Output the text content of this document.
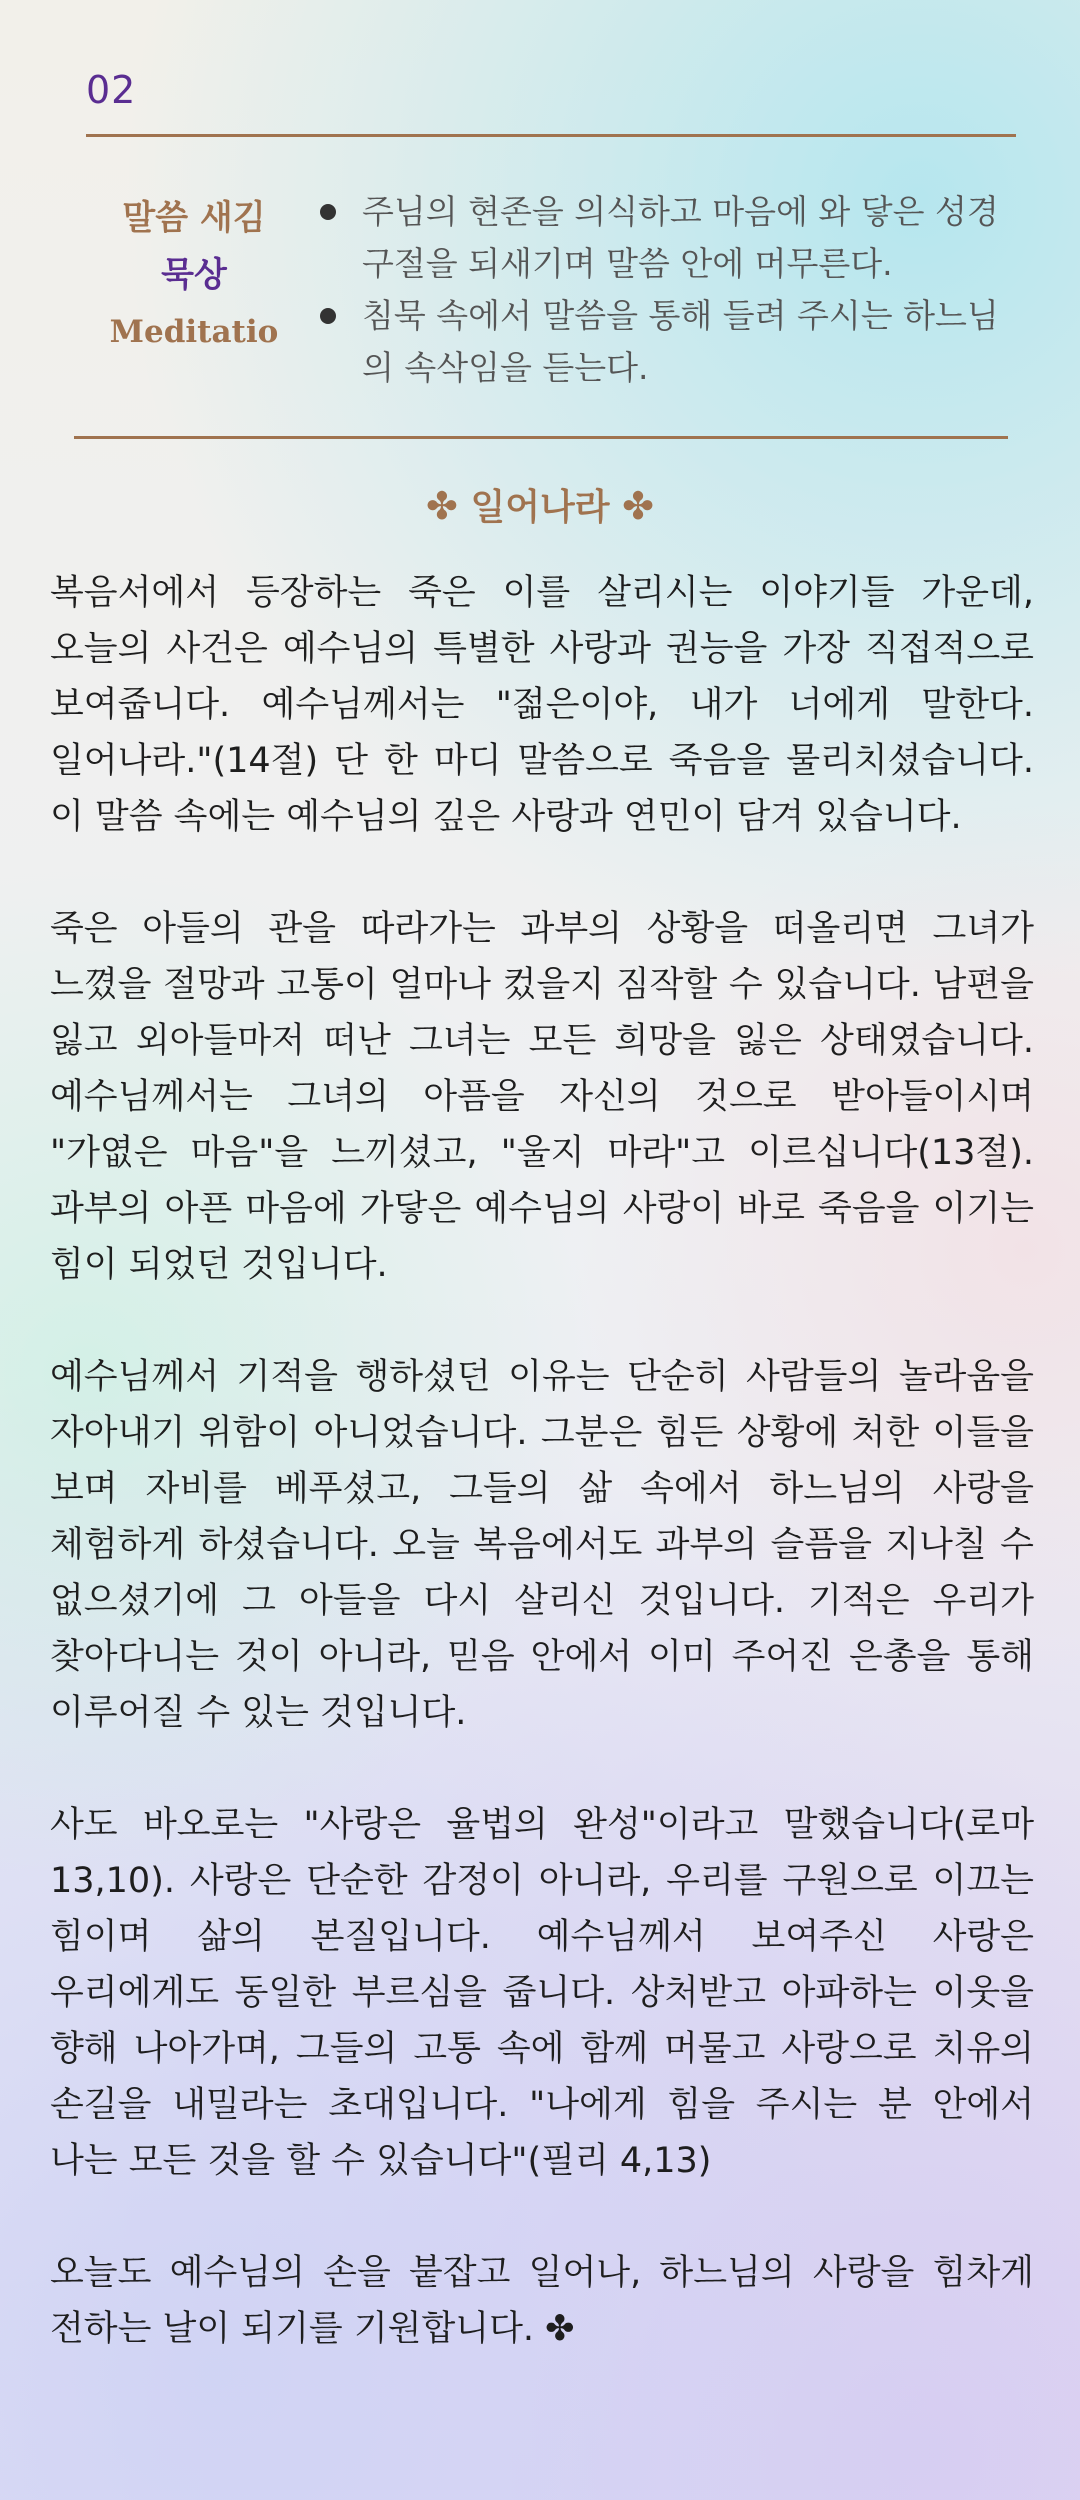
02
말씀 새김
묵상
Meditatio
주님의 현존을 의식하고 마음에 와 닿은 성경구절을 되새기며 말씀 안에 머무른다.
침묵 속에서 말씀을 통해 들려 주시는 하느님의 속삭임을 듣는다.
✤ 일어나라 ✤

복음서에서 등장하는 죽은 이를 살리시는 이야기들 가운데, 오늘의 사건은 예수님의 특별한 사랑과 권능을 가장 직접적으로 보여줍니다. 예수님께서는 "젊은이야, 내가 너에게 말한다. 일어나라."(14절) 단 한 마디 말씀으로 죽음을 물리치셨습니다. 이 말씀 속에는 예수님의 깊은 사랑과 연민이 담겨 있습니다.

죽은 아들의 관을 따라가는 과부의 상황을 떠올리면 그녀가 느꼈을 절망과 고통이 얼마나 컸을지 짐작할 수 있습니다. 남편을 잃고 외아들마저 떠난 그녀는 모든 희망을 잃은 상태였습니다. 예수님께서는 그녀의 아픔을 자신의 것으로 받아들이시며 "가엾은 마음"을 느끼셨고, "울지 마라"고 이르십니다(13절). 과부의 아픈 마음에 가닿은 예수님의 사랑이 바로 죽음을 이기는 힘이 되었던 것입니다.

예수님께서 기적을 행하셨던 이유는 단순히 사람들의 놀라움을 자아내기 위함이 아니었습니다. 그분은 힘든 상황에 처한 이들을 보며 자비를 베푸셨고, 그들의 삶 속에서 하느님의 사랑을 체험하게 하셨습니다. 오늘 복음에서도 과부의 슬픔을 지나칠 수 없으셨기에 그 아들을 다시 살리신 것입니다. 기적은 우리가 찾아다니는 것이 아니라, 믿음 안에서 이미 주어진 은총을 통해 이루어질 수 있는 것입니다.

사도 바오로는 "사랑은 율법의 완성"이라고 말했습니다(로마 13,10). 사랑은 단순한 감정이 아니라, 우리를 구원으로 이끄는 힘이며 삶의 본질입니다. 예수님께서 보여주신 사랑은 우리에게도 동일한 부르심을 줍니다. 상처받고 아파하는 이웃을 향해 나아가며, 그들의 고통 속에 함께 머물고 사랑으로 치유의 손길을 내밀라는 초대입니다. "나에게 힘을 주시는 분 안에서 나는 모든 것을 할 수 있습니다"(필리 4,13)

오늘도 예수님의 손을 붙잡고 일어나, 하느님의 사랑을 힘차게 전하는 날이 되기를 기원합니다. ✤
